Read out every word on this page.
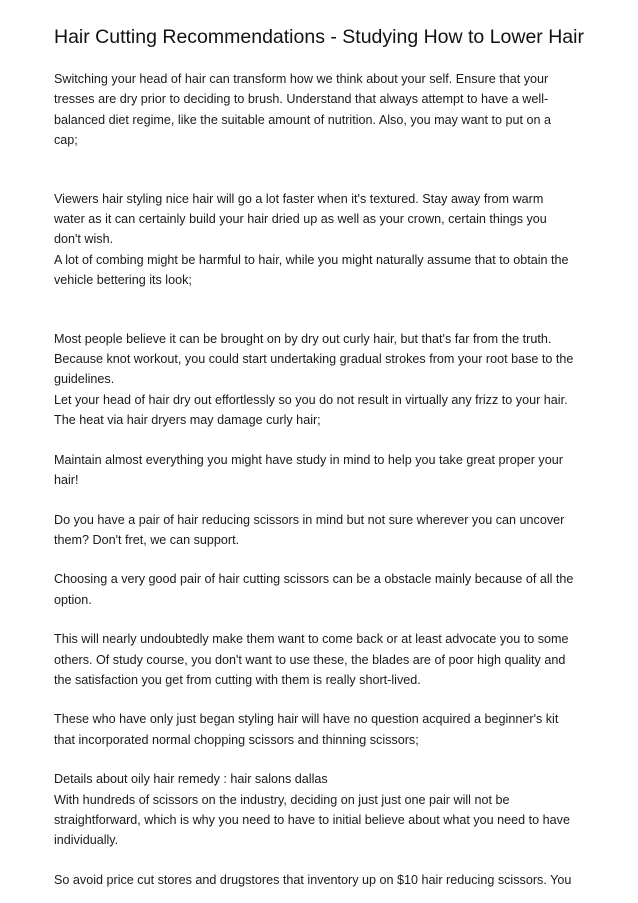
Hair Cutting Recommendations - Studying How to Lower Hair

Switching your head of hair can transform how we think about your self. Ensure that your
tresses are dry prior to deciding to brush. Understand that always attempt to have a well-
balanced diet regime, like the suitable amount of nutrition. Also, you may want to put on a
cap;

Viewers hair styling nice hair will go a lot faster when it's textured. Stay away from warm
water as it can certainly build your hair dried up as well as your crown, certain things you
don't wish.
A lot of combing might be harmful to hair, while you might naturally assume that to obtain the
vehicle bettering its look;

Most people believe it can be brought on by dry out curly hair, but that's far from the truth.
Because knot workout, you could start undertaking gradual strokes from your root base to the
guidelines.
Let your head of hair dry out effortlessly so you do not result in virtually any frizz to your hair.
The heat via hair dryers may damage curly hair;

Maintain almost everything you might have study in mind to help you take great proper your
hair!

Do you have a pair of hair reducing scissors in mind but not sure wherever you can uncover
them? Don't fret, we can support.

Choosing a very good pair of hair cutting scissors can be a obstacle mainly because of all the
option.

This will nearly undoubtedly make them want to come back or at least advocate you to some
others. Of study course, you don't want to use these, the blades are of poor high quality and
the satisfaction you get from cutting with them is really short-lived.

These who have only just began styling hair will have no question acquired a beginner's kit
that incorporated normal chopping scissors and thinning scissors;

Details about oily hair remedy : hair salons dallas
With hundreds of scissors on the industry, deciding on just just one pair will not be
straightforward, which is why you need to have to initial believe about what you need to have
individually.

So avoid price cut stores and drugstores that inventory up on $10 hair reducing scissors. You
